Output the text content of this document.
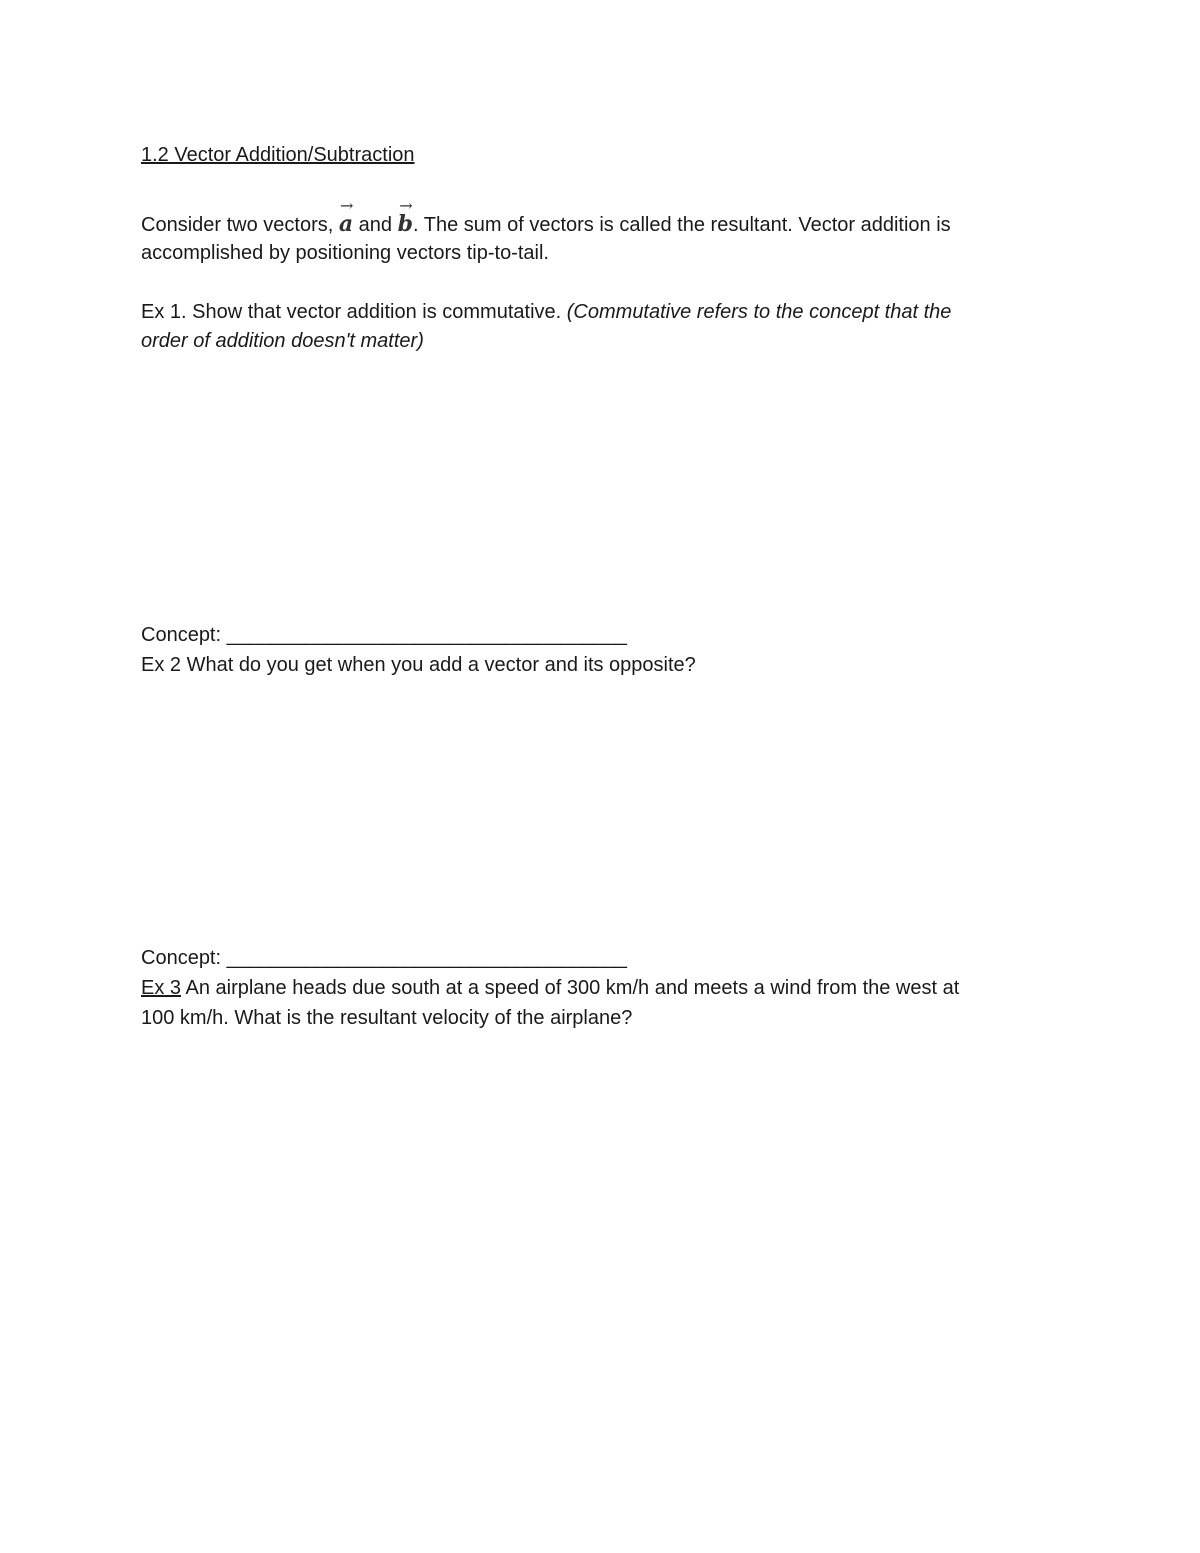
1.2 Vector Addition/Subtraction
Consider two vectors,
→
a and
→
b. The sum of vectors is called the resultant. Vector addition is
accomplished by positioning vectors tip-to-tail.
Ex 1. Show that vector addition is commutative. (Commutative refers to the concept that the
order of addition doesn't matter)
Concept: ____________________________________
Ex 2 What do you get when you add a vector and its opposite?
Concept: ____________________________________
Ex 3 An airplane heads due south at a speed of 300 km/h and meets a wind from the west at
100 km/h. What is the resultant velocity of the airplane?
